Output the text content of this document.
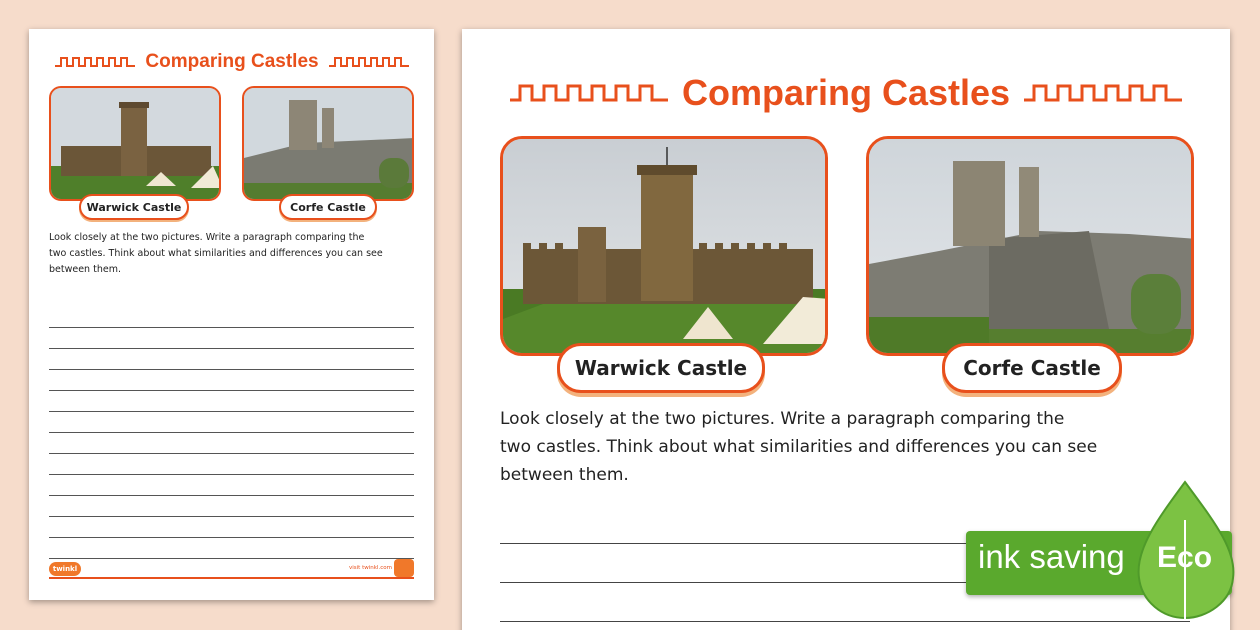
Comparing Castles
Warwick Castle	Corfe Castle
Look closely at the two pictures. Write a paragraph comparing the
two castles. Think about what similarities and differences you can see
between them.
twinkl	visit twinkl.com
Comparing Castles
Warwick Castle	Corfe Castle
Look closely at the two pictures. Write a paragraph comparing the
two castles. Think about what similarities and differences you can see
between them.
ink saving Eco
